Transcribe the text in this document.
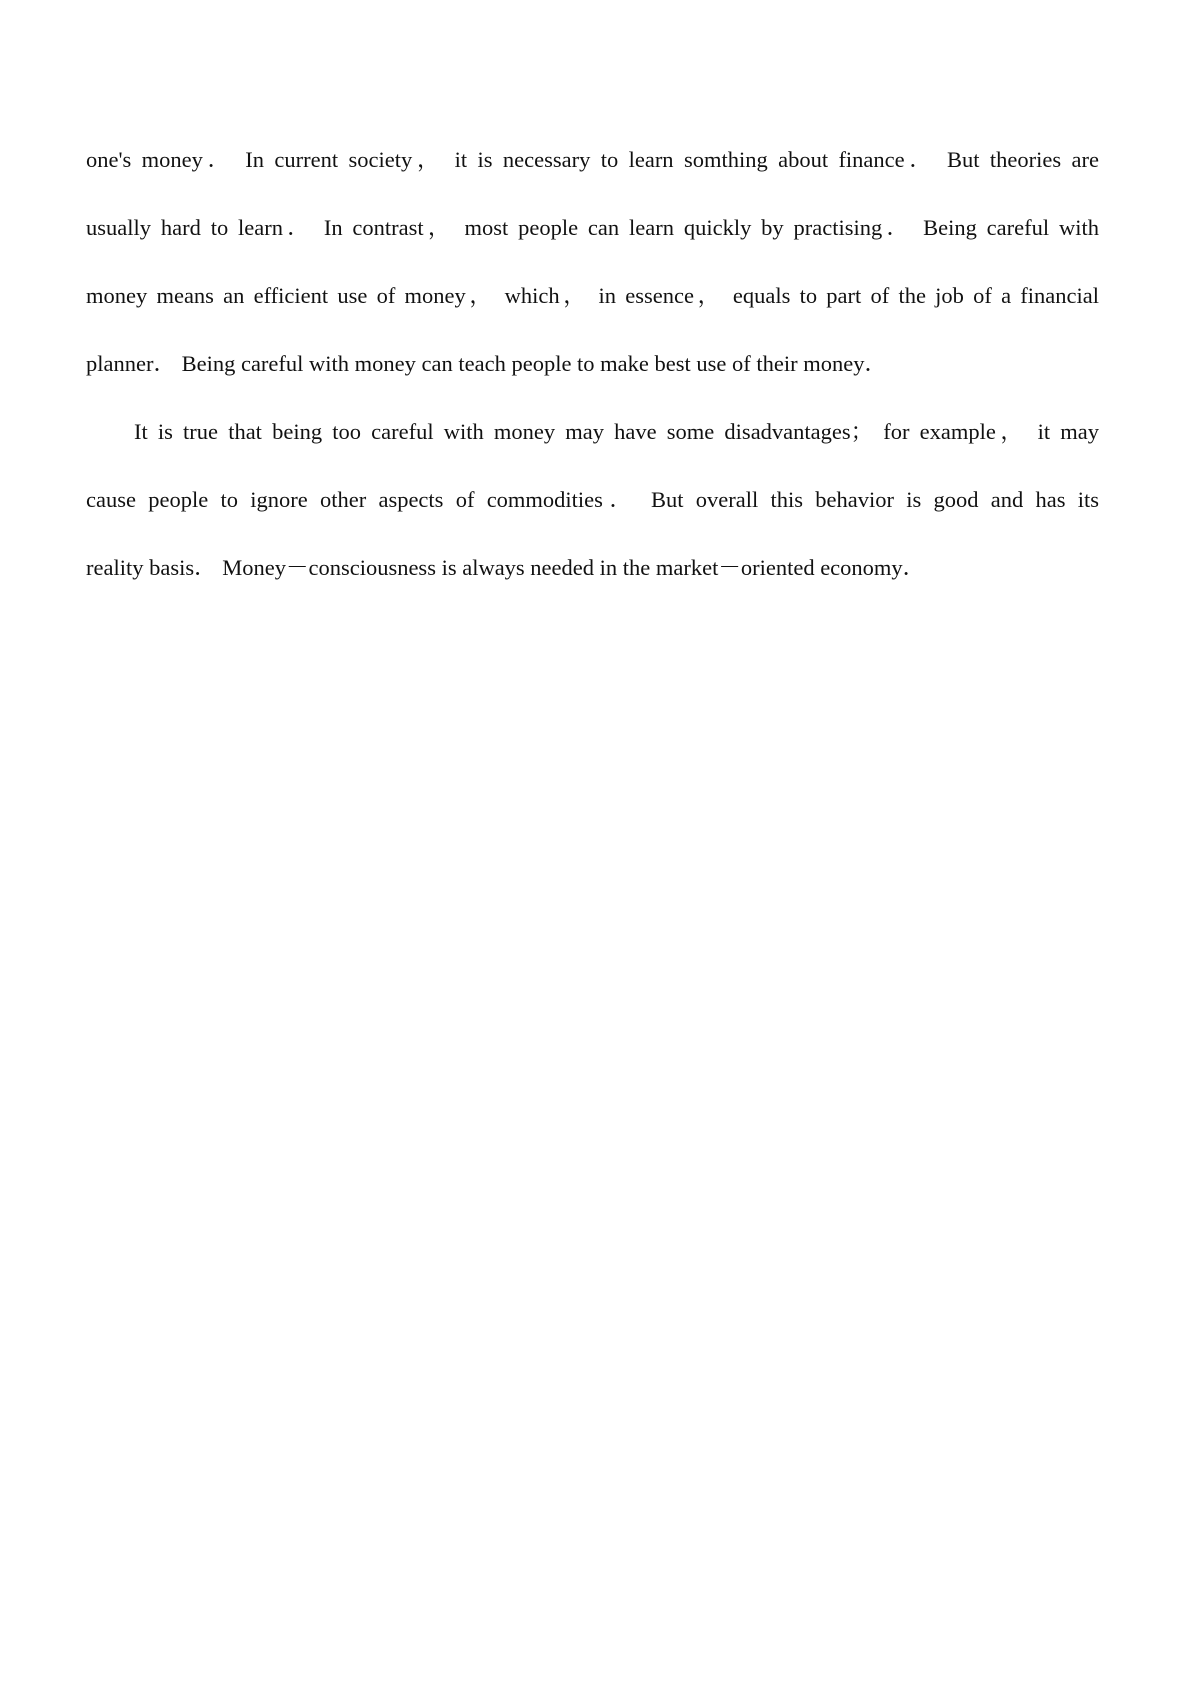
one's money． In current society， it is necessary to learn somthing about finance． But theories are
usually hard to learn． In contrast， most people can learn quickly by practising． Being careful with
money means an efficient use of money， which， in essence， equals to part of the job of a financial
planner． Being careful with money can teach people to make best use of their money．

It is true that being too careful with money may have some disadvantages； for example， it may
cause people to ignore other aspects of commodities． But overall this behavior is good and has its
reality basis． Money－consciousness is always needed in the market－oriented economy．
